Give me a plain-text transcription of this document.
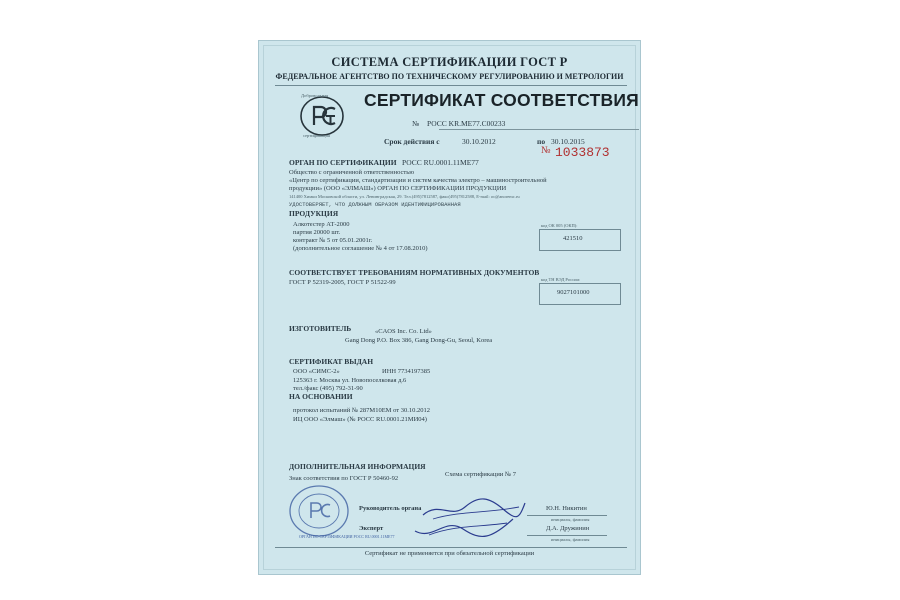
СИСТЕМА СЕРТИФИКАЦИИ ГОСТ Р
ФЕДЕРАЛЬНОЕ АГЕНТСТВО ПО ТЕХНИЧЕСКОМУ РЕГУЛИРОВАНИЮ И МЕТРОЛОГИИ
Добровольная
сертификация
СЕРТИФИКАТ СООТВЕТСТВИЯ
№ РОСС KR.ME77.C00233
Срок действия с	30.10.2012	по 30.10.2015
№ 1033873
ОРГАН ПО СЕРТИФИКАЦИИ РОСС RU.0001.11МЕ77
Общество с ограниченной ответственностью
«Центр по сертификации, стандартизации и систем качества электро – машиностроительной
продукции» (ООО «ЭЛМАШ») ОРГАН ПО СЕРТИФИКАЦИИ ПРОДУКЦИИ
141400 Химки Московской области, ул. Ленинградская, 29. Тел.(495)7812587, факс(495)7812588, E-mail: oc@anoremc.ru
УДОСТОВЕРЯЕТ, ЧТО ДОЛЖНЫМ ОБРАЗОМ ИДЕНТИФИЦИРОВАННАЯ
ПРОДУКЦИЯ
Алкотестер АТ-2000
партия 20000 шт.
контракт № 5 от 05.01.2001г.
(дополнительное соглашение № 4 от 17.08.2010)
код ОК 005 (ОКП):
421510
СООТВЕТСТВУЕТ ТРЕБОВАНИЯМ НОРМАТИВНЫХ ДОКУМЕНТОВ
ГОСТ Р 52319-2005, ГОСТ Р 51522-99	код ТН ВЭД России:
9027101000
ИЗГОТОВИТЕЛЬ	«CAOS Inc. Co. Ltd»
Gang Dong P.O. Box 386, Gang Dong-Gu, Seoul, Korea
СЕРТИФИКАТ ВЫДАН
ООО «СИМС-2»	ИНН 7734197385
125363 г. Москва ул. Новопоселковая д.6
тел./факс (495) 792-31-90
НА ОСНОВАНИИ
протокол испытаний № 287М10ЕМ от 30.10.2012
ИЦ ООО «Элмаш» (№ РОСС RU.0001.21МИ04)
ДОПОЛНИТЕЛЬНАЯ ИНФОРМАЦИЯ
Знак соответствия по ГОСТ Р 50460-92
Схема сертификации № 7
ОРГАН ПО СЕРТИФИКАЦИИ РОСС RU.0001.11МЕ77
Руководитель органа	Ю.Н. Никитин
инициалы, фамилия
Эксперт	Д.А. Дружинин
инициалы, фамилия
Сертификат не применяется при обязательной сертификации
